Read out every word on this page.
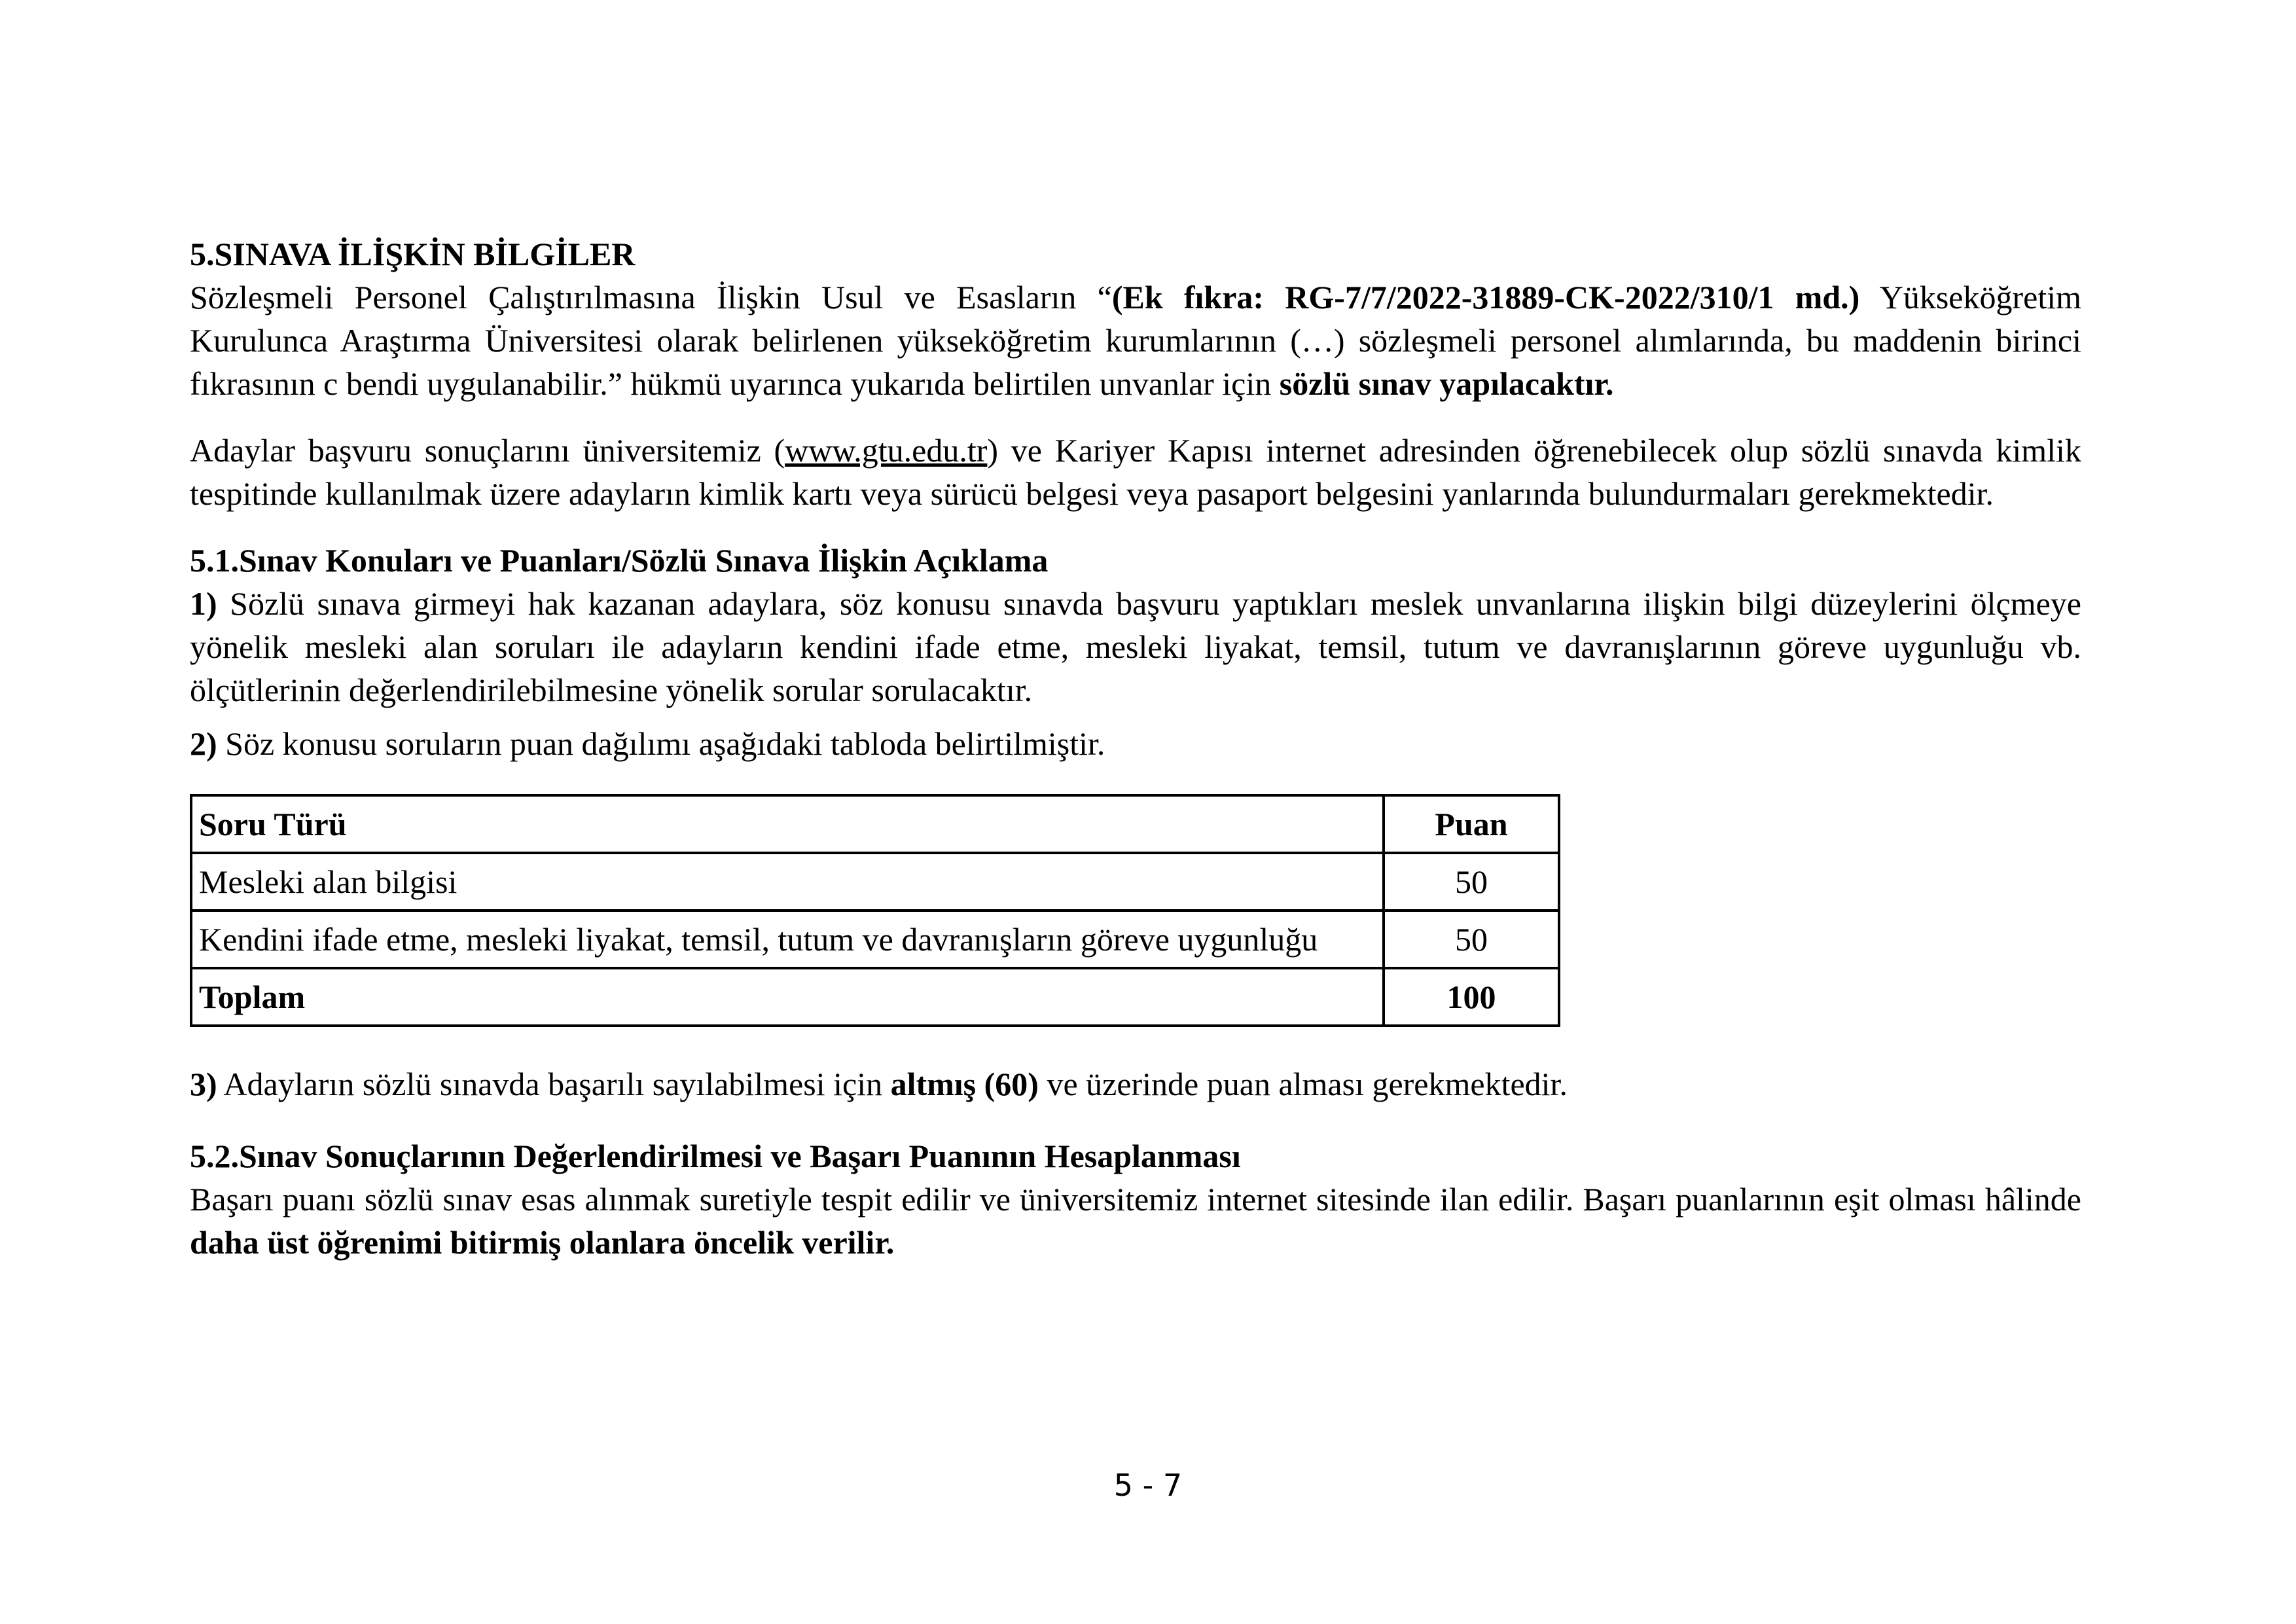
5.SINAVA İLİŞKİN BİLGİLER

Sözleşmeli Personel Çalıştırılmasına İlişkin Usul ve Esasların “(Ek fıkra: RG-7/7/2022-31889-CK-2022/310/1 md.) Yükseköğretim Kurulunca Araştırma Üniversitesi olarak belirlenen yükseköğretim kurumlarının (…) sözleşmeli personel alımlarında, bu maddenin birinci fıkrasının c bendi uygulanabilir.” hükmü uyarınca yukarıda belirtilen unvanlar için sözlü sınav yapılacaktır.

Adaylar başvuru sonuçlarını üniversitemiz (www.gtu.edu.tr) ve Kariyer Kapısı internet adresinden öğrenebilecek olup sözlü sınavda kimlik tespitinde kullanılmak üzere adayların kimlik kartı veya sürücü belgesi veya pasaport belgesini yanlarında bulundurmaları gerekmektedir.

5.1.Sınav Konuları ve Puanları/Sözlü Sınava İlişkin Açıklama

1) Sözlü sınava girmeyi hak kazanan adaylara, söz konusu sınavda başvuru yaptıkları meslek unvanlarına ilişkin bilgi düzeylerini ölçmeye yönelik mesleki alan soruları ile adayların kendini ifade etme, mesleki liyakat, temsil, tutum ve davranışlarının göreve uygunluğu vb. ölçütlerinin değerlendirilebilmesine yönelik sorular sorulacaktır.

2) Söz konusu soruların puan dağılımı aşağıdaki tabloda belirtilmiştir.

Soru Türü	Puan
Mesleki alan bilgisi	50
Kendini ifade etme, mesleki liyakat, temsil, tutum ve davranışların göreve uygunluğu	50
Toplam	100

3) Adayların sözlü sınavda başarılı sayılabilmesi için altmış (60) ve üzerinde puan alması gerekmektedir.

5.2.Sınav Sonuçlarının Değerlendirilmesi ve Başarı Puanının Hesaplanması

Başarı puanı sözlü sınav esas alınmak suretiyle tespit edilir ve üniversitemiz internet sitesinde ilan edilir. Başarı puanlarının eşit olması hâlinde daha üst öğrenimi bitirmiş olanlara öncelik verilir.

5 - 7
